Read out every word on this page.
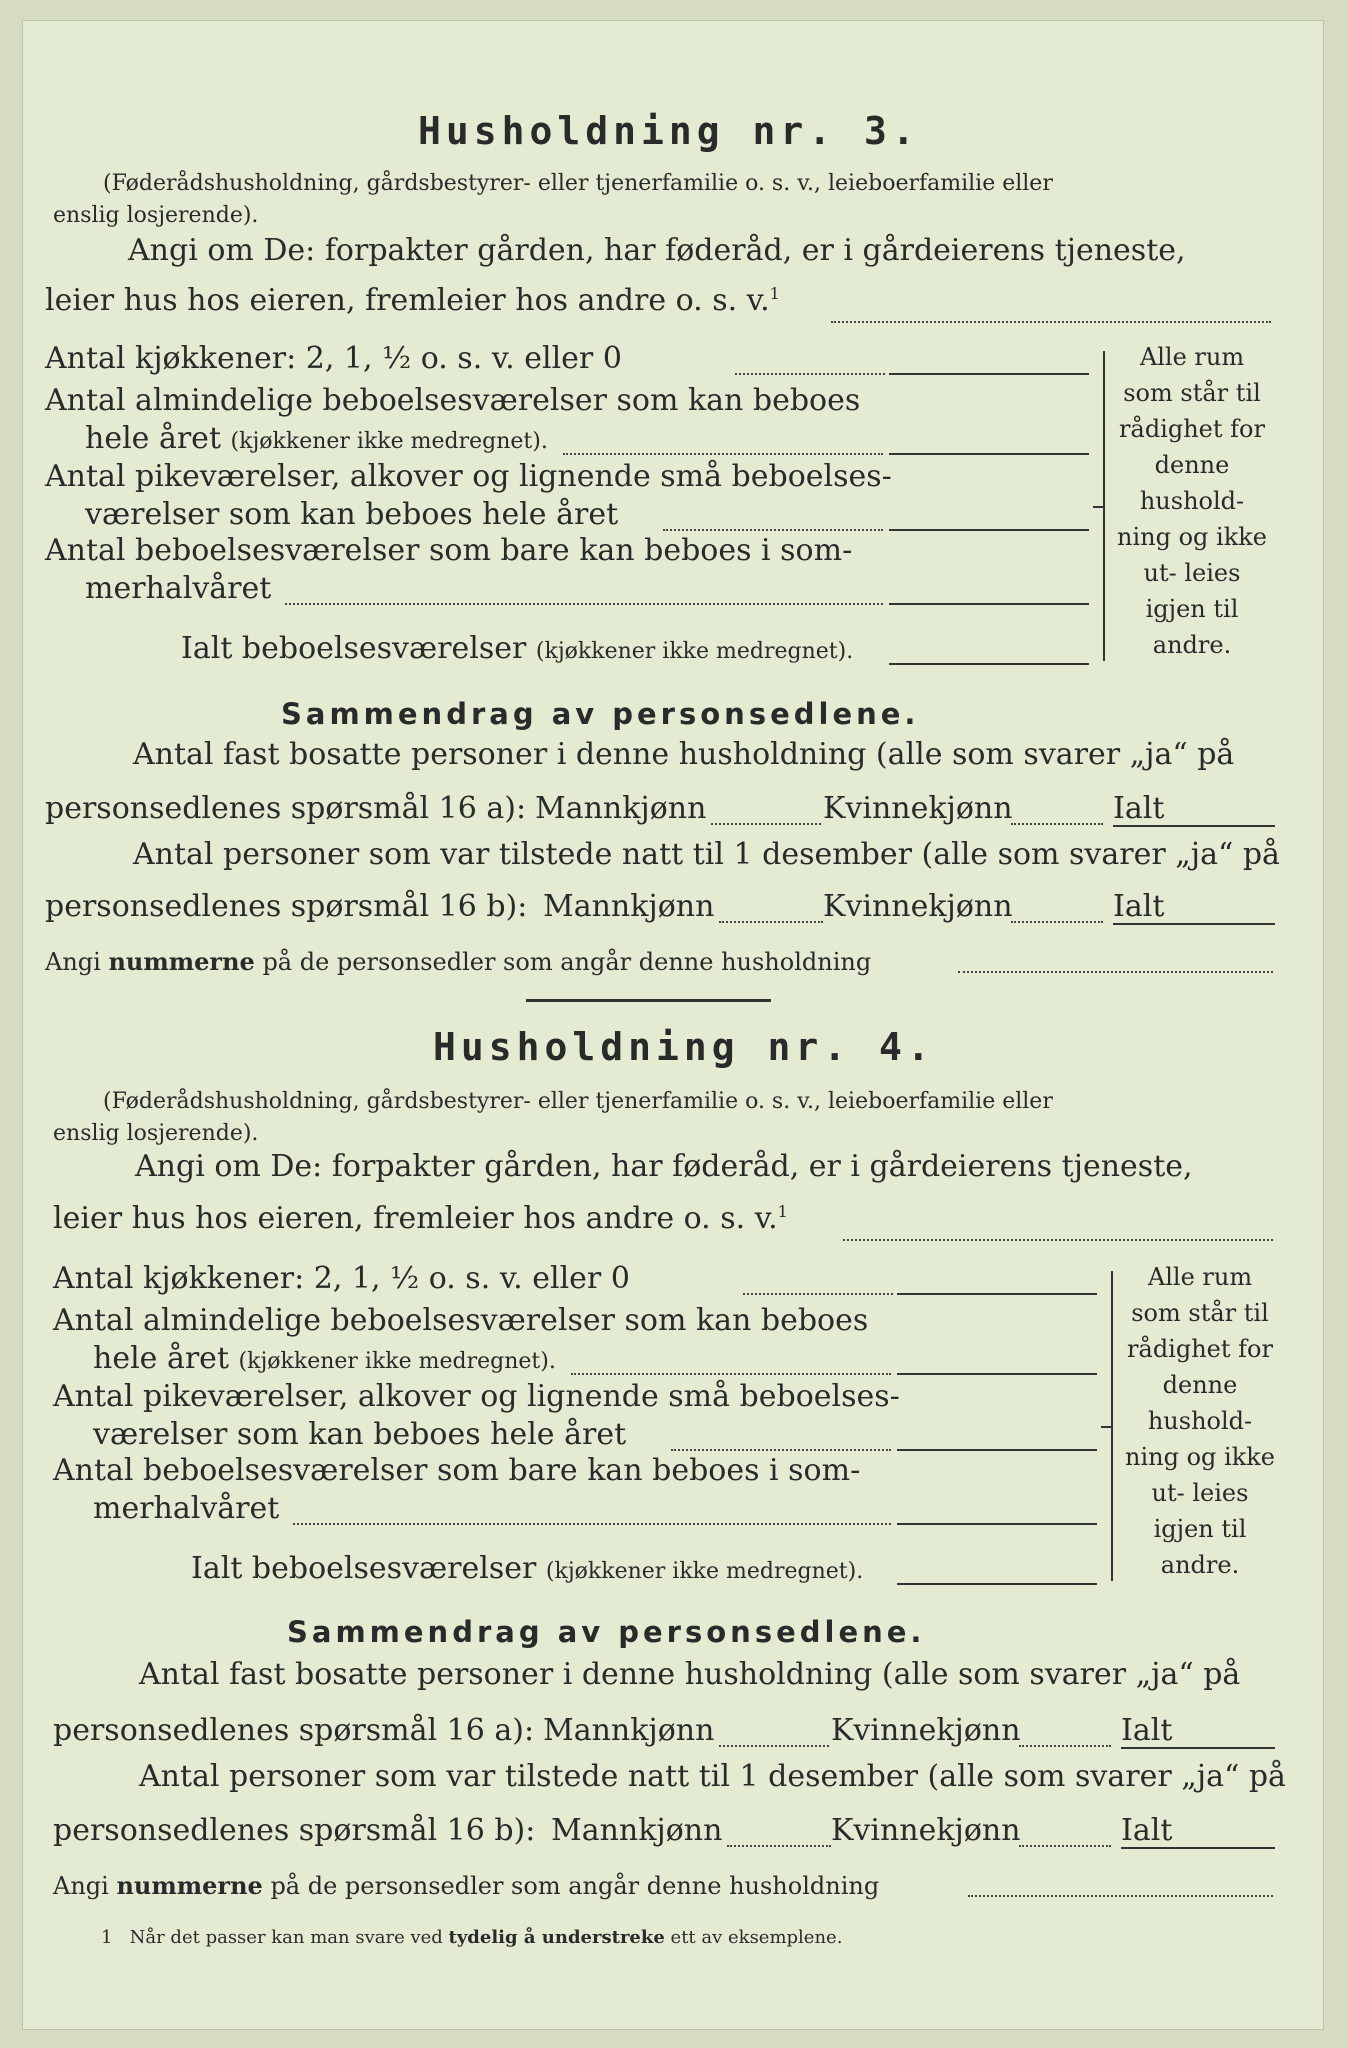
Husholdning nr. 3.
(Føderådshusholdning, gårdsbestyrer- eller tjenerfamilie o. s. v., leieboerfamilie eller
enslig losjerende).
Angi om De: forpakter gården, har føderåd, er i gårdeierens tjeneste,
leier hus hos eieren, fremleier hos andre o. s. v.$^1$
Antal kjøkkener: 2, 1, ½ o. s. v. eller 0
Antal almindelige beboelsesværelser som kan beboes
hele året (kjøkkener ikke medregnet).
Antal pikeværelser, alkover og lignende små beboelses-
værelser som kan beboes hele året
Antal beboelsesværelser som bare kan beboes i som-
merhalvåret
Ialt beboelsesværelser (kjøkkener ikke medregnet).
Alle rum som står til rådighet for denne hushold- ning og ikke ut- leies igjen til andre.
Sammendrag av personsedlene.
Antal fast bosatte personer i denne husholdning (alle som svarer „ja“ på
personsedlenes spørsmål 16 a): Mannkjønn	Kvinnekjønn	Ialt
Antal personer som var tilstede natt til 1 desember (alle som svarer „ja“ på
personsedlenes spørsmål 16 b): Mannkjønn	Kvinnekjønn	Ialt
Angi nummerne på de personsedler som angår denne husholdning
Husholdning nr. 4.
(Føderådshusholdning, gårdsbestyrer- eller tjenerfamilie o. s. v., leieboerfamilie eller
enslig losjerende).
Angi om De: forpakter gården, har føderåd, er i gårdeierens tjeneste,
leier hus hos eieren, fremleier hos andre o. s. v.$^1$
Antal kjøkkener: 2, 1, ½ o. s. v. eller 0
Antal almindelige beboelsesværelser som kan beboes
hele året (kjøkkener ikke medregnet).
Antal pikeværelser, alkover og lignende små beboelses-
værelser som kan beboes hele året
Antal beboelsesværelser som bare kan beboes i som-
merhalvåret
Ialt beboelsesværelser (kjøkkener ikke medregnet).
Alle rum som står til rådighet for denne hushold- ning og ikke ut- leies igjen til andre.
Sammendrag av personsedlene.
Antal fast bosatte personer i denne husholdning (alle som svarer „ja“ på
personsedlenes spørsmål 16 a): Mannkjønn	Kvinnekjønn	Ialt
Antal personer som var tilstede natt til 1 desember (alle som svarer „ja“ på
personsedlenes spørsmål 16 b): Mannkjønn	Kvinnekjønn	Ialt
Angi nummerne på de personsedler som angår denne husholdning
1 Når det passer kan man svare ved tydelig å understreke ett av eksemplene.
